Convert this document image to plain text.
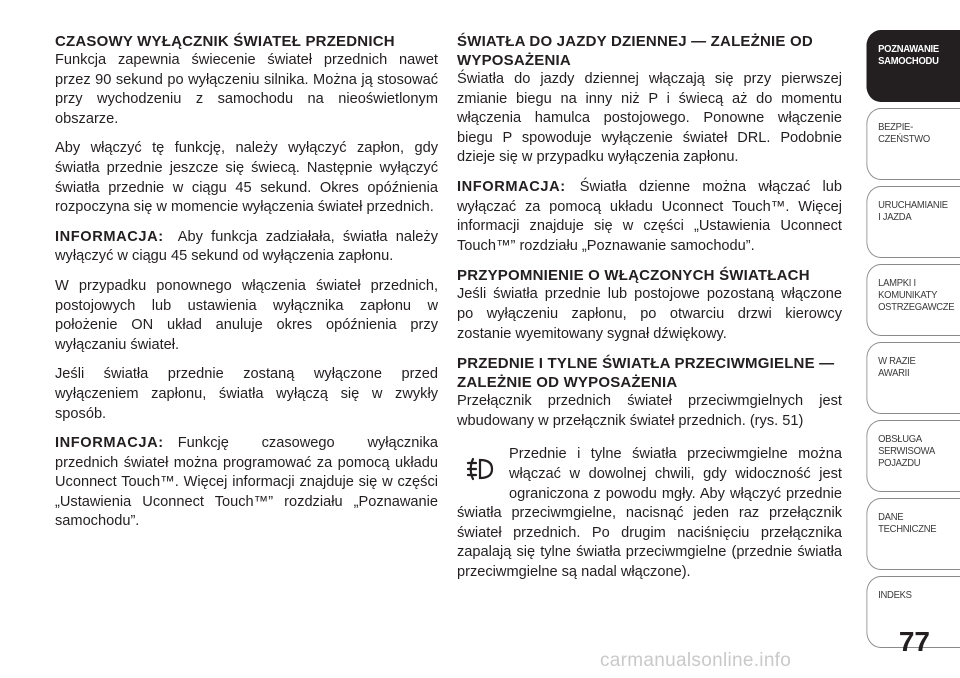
CZASOWY WYŁĄCZNIK ŚWIATEŁ PRZEDNICH

Funkcja zapewnia świecenie świateł przednich nawet przez 90 sekund po wyłączeniu silnika. Można ją stosować przy wychodzeniu z samochodu na nieoświetlonym obszarze.

Aby włączyć tę funkcję, należy wyłączyć zapłon, gdy światła przednie jeszcze się świecą. Następnie wyłączyć światła przednie w ciągu 45 sekund. Okres opóźnienia rozpoczyna się w momencie wyłączenia świateł przednich.

INFORMACJA: Aby funkcja zadziałała, światła należy wyłączyć w ciągu 45 sekund od wyłączenia zapłonu.

W przypadku ponownego włączenia świateł przednich, postojowych lub ustawienia wyłącznika zapłonu w położenie ON układ anuluje okres opóźnienia przy wyłączaniu świateł.

Jeśli światła przednie zostaną wyłączone przed wyłączeniem zapłonu, światła wyłączą się w zwykły sposób.

INFORMACJA: Funkcję czasowego wyłącznika przednich świateł można programować za pomocą układu Uconnect Touch™. Więcej informacji znajduje się w części „Ustawienia Uconnect Touch™” rozdziału „Poznawanie samochodu”.

ŚWIATŁA DO JAZDY DZIENNEJ — ZALEŻNIE OD WYPOSAŻENIA

Światła do jazdy dziennej włączają się przy pierwszej zmianie biegu na inny niż P i świecą aż do momentu włączenia hamulca postojowego. Ponowne włączenie biegu P spowoduje wyłączenie świateł DRL. Podobnie dzieje się w przypadku wyłączenia zapłonu.

INFORMACJA: Światła dzienne można włączać lub wyłączać za pomocą układu Uconnect Touch™. Więcej informacji znajduje się w części „Ustawienia Uconnect Touch™” rozdziału „Poznawanie samochodu”.

PRZYPOMNIENIE O WŁĄCZONYCH ŚWIATŁACH

Jeśli światła przednie lub postojowe pozostaną włączone po wyłączeniu zapłonu, po otwarciu drzwi kierowcy zostanie wyemitowany sygnał dźwiękowy.

PRZEDNIE I TYLNE ŚWIATŁA PRZECIWMGIELNE — ZALEŻNIE OD WYPOSAŻENIA

Przełącznik przednich świateł przeciwmgielnych jest wbudowany w przełącznik świateł przednich. (rys. 51)

Przednie i tylne światła przeciwmgielne można włączać w dowolnej chwili, gdy widoczność jest ograniczona z powodu mgły. Aby włączyć przednie światła przeciwmgielne, nacisnąć jeden raz przełącznik świateł przednich. Po drugim naciśnięciu przełącznika zapalają się tylne światła przeciwmgielne (przednie światła przeciwmgielne są nadal włączone).
POZNAWANIE
SAMOCHODU
BEZPIE-
CZEŃSTWO
URUCHAMIANIE
I JAZDA
LAMPKI I
KOMUNIKATY
OSTRZEGAWCZE
W RAZIE
AWARII
OBSŁUGA
SERWISOWA
POJAZDU
DANE
TECHNICZNE
INDEKS
77
carmanualsonline.info
